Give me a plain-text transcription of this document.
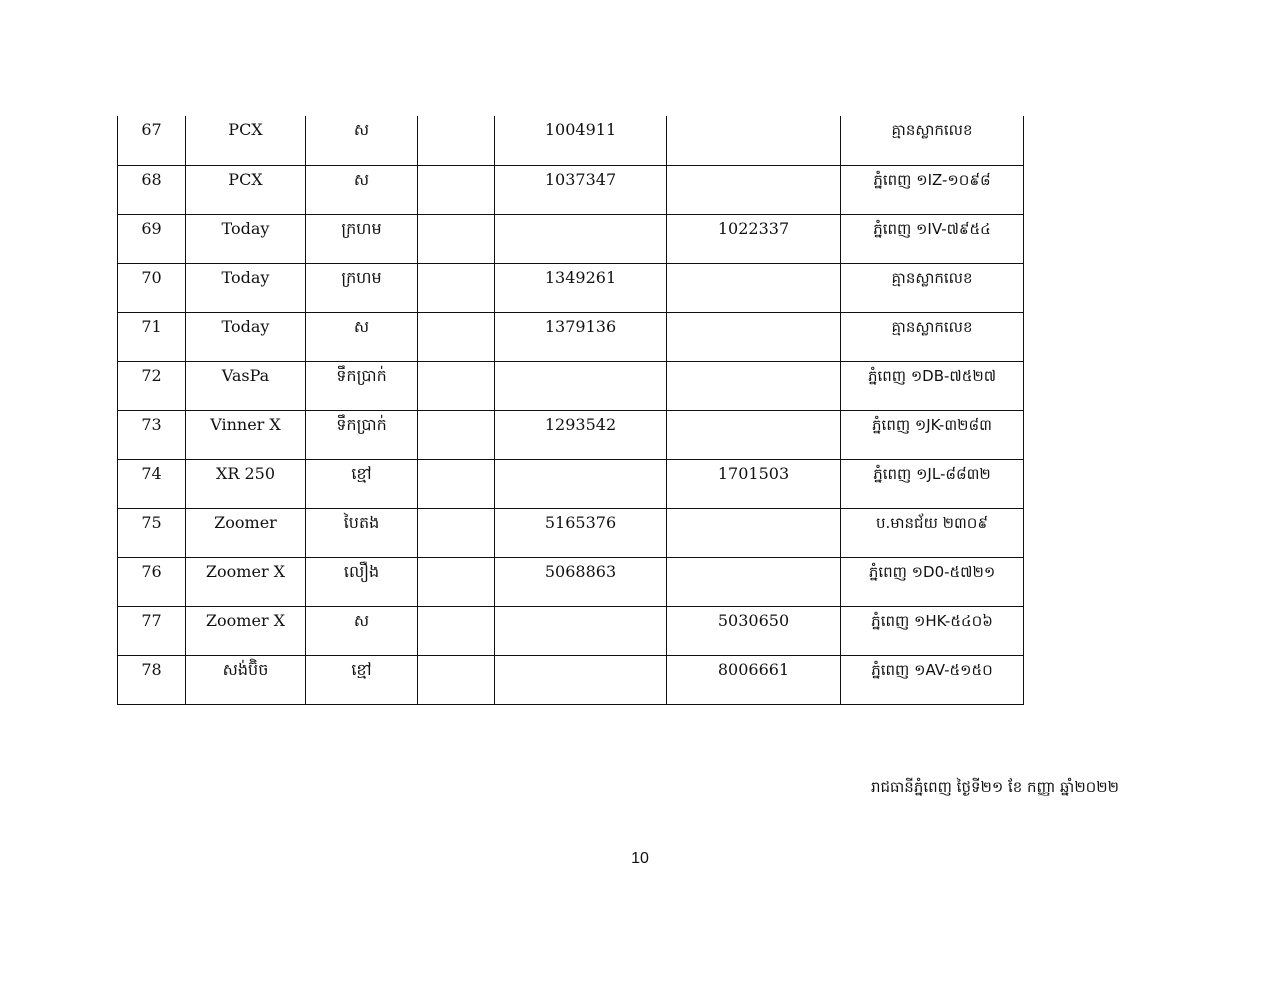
67	PCX	ស		1004911		គ្មានស្លាកលេខ
68	PCX	ស		1037347		ភ្នំពេញ ១IZ-១០៩៨
69	Today	ក្រហម			1022337	ភ្នំពេញ ១IV-៧៩៥៤
70	Today	ក្រហម		1349261		គ្មានស្លាកលេខ
71	Today	ស		1379136		គ្មានស្លាកលេខ
72	VasPa	ទឹកប្រាក់				ភ្នំពេញ ១DB-៧៥២៧
73	Vinner X	ទឹកប្រាក់		1293542		ភ្នំពេញ ១JK-៣២៨៣
74	XR 250	ខ្មៅ			1701503	ភ្នំពេញ ១JL-៨៨៣២
75	Zoomer	បៃតង		5165376		ប.មានជ័យ ២៣០៩
76	Zoomer X	លឿង		5068863		ភ្នំពេញ ១D0-៥៧២១
77	Zoomer X	ស			5030650	ភ្នំពេញ ១HK-៥៤០៦
78	សង់ប៊ិច	ខ្មៅ			8006661	ភ្នំពេញ ១AV-៥១៥០
រាជធានីភ្នំពេញ ថ្ងៃទី២១ ខែ កញ្ញា ឆ្នាំ២០២២
10
